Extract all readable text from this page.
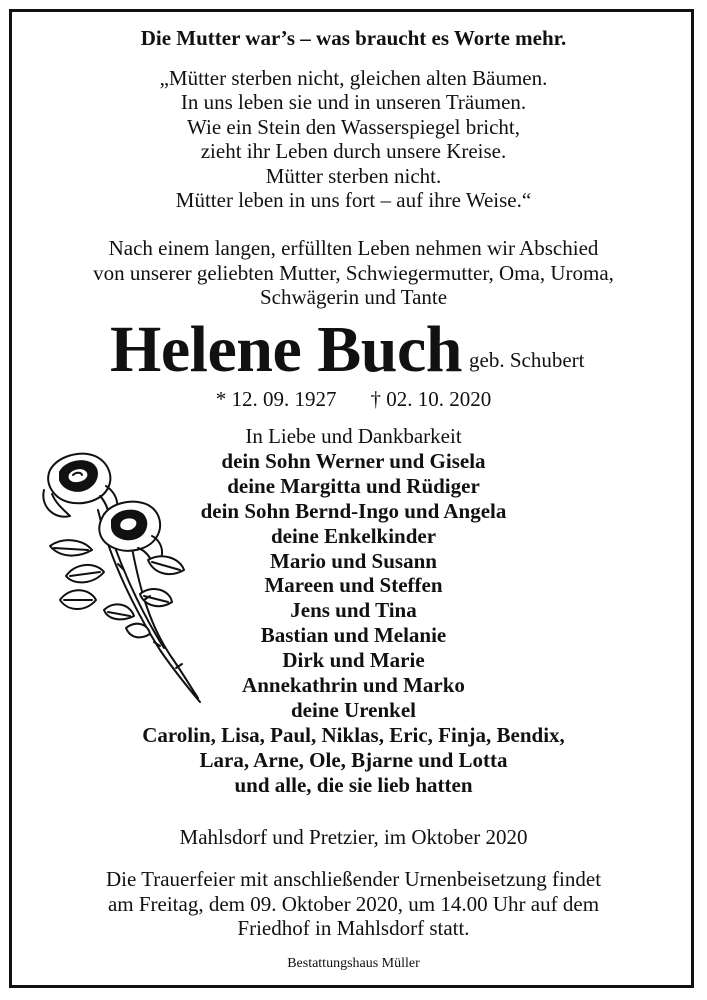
Die Mutter war’s – was braucht es Worte mehr.
„Mütter sterben nicht, gleichen alten Bäumen.
In uns leben sie und in unseren Träumen.
Wie ein Stein den Wasserspiegel bricht,
zieht ihr Leben durch unsere Kreise.
Mütter sterben nicht.
Mütter leben in uns fort – auf ihre Weise.“
Nach einem langen, erfüllten Leben nehmen wir Abschied
von unserer geliebten Mutter, Schwiegermutter, Oma, Uroma,
Schwägerin und Tante
Helene Buch geb. Schubert
* 12. 09. 1927 † 02. 10. 2020
In Liebe und Dankbarkeit
dein Sohn Werner und Gisela
deine Margitta und Rüdiger
dein Sohn Bernd-Ingo und Angela
deine Enkelkinder
Mario und Susann
Mareen und Steffen
Jens und Tina
Bastian und Melanie
Dirk und Marie
Annekathrin und Marko
deine Urenkel
Carolin, Lisa, Paul, Niklas, Eric, Finja, Bendix,
Lara, Arne, Ole, Bjarne und Lotta
und alle, die sie lieb hatten
Mahlsdorf und Pretzier, im Oktober 2020
Die Trauerfeier mit anschließender Urnenbeisetzung findet
am Freitag, dem 09. Oktober 2020, um 14.00 Uhr auf dem
Friedhof in Mahlsdorf statt.
Bestattungshaus Müller
